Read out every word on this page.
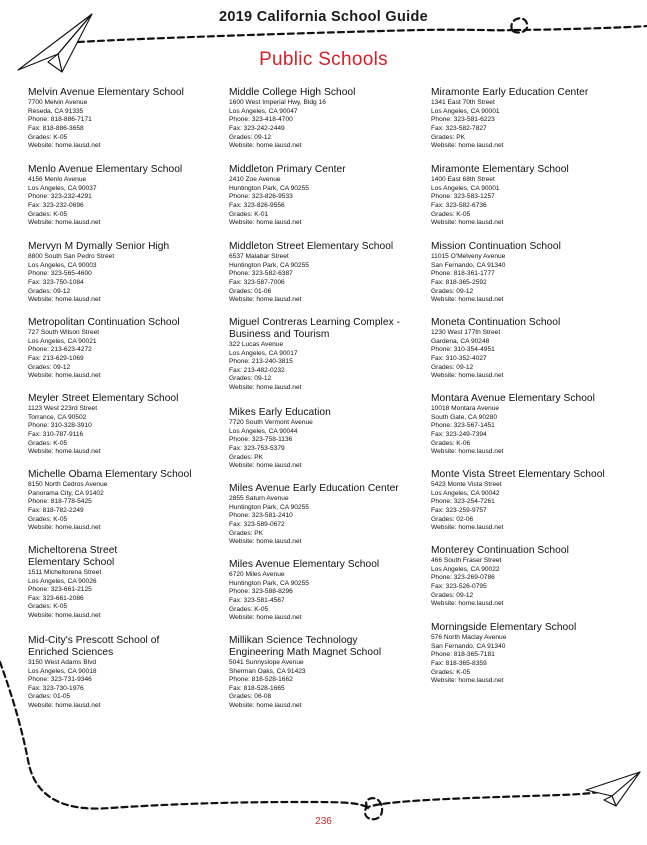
2019 California School Guide
Public Schools
Melvin Avenue Elementary School
7700 Melvin Avenue
Reseda, CA 91335
Phone: 818-886-7171
Fax: 818-886-3658
Grades: K-05
Website: home.lausd.net
Menlo Avenue Elementary School
4156 Menlo Avenue
Los Angeles, CA 90037
Phone: 323-232-4291
Fax: 323-232-0696
Grades: K-05
Website: home.lausd.net
Mervyn M Dymally Senior High
8800 South San Pedro Street
Los Angeles, CA 90003
Phone: 323-565-4600
Fax: 323-750-1084
Grades: 09-12
Website: home.lausd.net
Metropolitan Continuation School
727 South Wilson Street
Los Angeles, CA 90021
Phone: 213-623-4272
Fax: 213-629-1069
Grades: 09-12
Website: home.lausd.net
Meyler Street Elementary School
1123 West 223rd Street
Torrance, CA 90502
Phone: 310-328-3910
Fax: 310-787-9116
Grades: K-05
Website: home.lausd.net
Michelle Obama Elementary School
8150 North Cedros Avenue
Panorama City, CA 91402
Phone: 818-778-5425
Fax: 818-782-2249
Grades: K-05
Website: home.lausd.net
Micheltorena Street
Elementary School
1511 Micheltorena Street
Los Angeles, CA 90026
Phone: 323-661-2125
Fax: 323-661-2086
Grades: K-05
Website: home.lausd.net
Mid-City's Prescott School of
Enriched Sciences
3150 West Adams Blvd
Los Angeles, CA 90018
Phone: 323-731-9346
Fax: 323-730-1976
Grades: 01-05
Website: home.lausd.net
Middle College High School
1600 West Imperial Hwy, Bldg 16
Los Angeles, CA 90047
Phone: 323-418-4700
Fax: 323-242-2449
Grades: 09-12
Website: home.lausd.net
Middleton Primary Center
2410 Zoe Avenue
Huntington Park, CA 90255
Phone: 323-826-9533
Fax: 323-826-9556
Grades: K-01
Website: home.lausd.net
Middleton Street Elementary School
6537 Malabar Street
Huntington Park, CA 90255
Phone: 323-582-6387
Fax: 323-587-7006
Grades: 01-06
Website: home.lausd.net
Miguel Contreras Learning Complex -
Business and Tourism
322 Lucas Avenue
Los Angeles, CA 90017
Phone: 213-240-3815
Fax: 213-482-0232
Grades: 09-12
Website: home.lausd.net
Mikes Early Education
7720 South Vermont Avenue
Los Angeles, CA 90044
Phone: 323-758-1136
Fax: 323-753-5379
Grades: PK
Website: home.lausd.net
Miles Avenue Early Education Center
2855 Saturn Avenue
Huntington Park, CA 90255
Phone: 323-581-2410
Fax: 323-589-0672
Grades: PK
Website: home.lausd.net
Miles Avenue Elementary School
6720 Miles Avenue
Huntington Park, CA 90255
Phone: 323-588-8296
Fax: 323-581-4567
Grades: K-05
Website: home.lausd.net
Millikan Science Technology
Engineering Math Magnet School
5041 Sunnyslope Avenue
Sherman Oaks, CA 91423
Phone: 818-528-1662
Fax: 818-528-1665
Grades: 06-08
Website: home.lausd.net
Miramonte Early Education Center
1341 East 70th Street
Los Angeles, CA 90001
Phone: 323-581-6223
Fax: 323-582-7827
Grades: PK
Website: home.lausd.net
Miramonte Elementary School
1400 East 68th Street
Los Angeles, CA 90001
Phone: 323-583-1257
Fax: 323-582-6736
Grades: K-05
Website: home.lausd.net
Mission Continuation School
11015 O'Melveny Avenue
San Fernando, CA 91340
Phone: 818-361-1777
Fax: 818-365-2592
Grades: 09-12
Website: home.lausd.net
Moneta Continuation School
1230 West 177th Street
Gardena, CA 90248
Phone: 310-354-4951
Fax: 310-352-4027
Grades: 09-12
Website: home.lausd.net
Montara Avenue Elementary School
10018 Montara Avenue
South Gate, CA 90280
Phone: 323-567-1451
Fax: 323-249-7394
Grades: K-06
Website: home.lausd.net
Monte Vista Street Elementary School
5423 Monte Vista Street
Los Angeles, CA 90042
Phone: 323-254-7261
Fax: 323-259-9757
Grades: 02-06
Website: home.lausd.net
Monterey Continuation School
466 South Fraser Street
Los Angeles, CA 90022
Phone: 323-269-0786
Fax: 323-526-0795
Grades: 09-12
Website: home.lausd.net
Morningside Elementary School
576 North Maclay Avenue
San Fernando, CA 91340
Phone: 818-365-7181
Fax: 818-365-8359
Grades: K-05
Website: home.lausd.net
236
